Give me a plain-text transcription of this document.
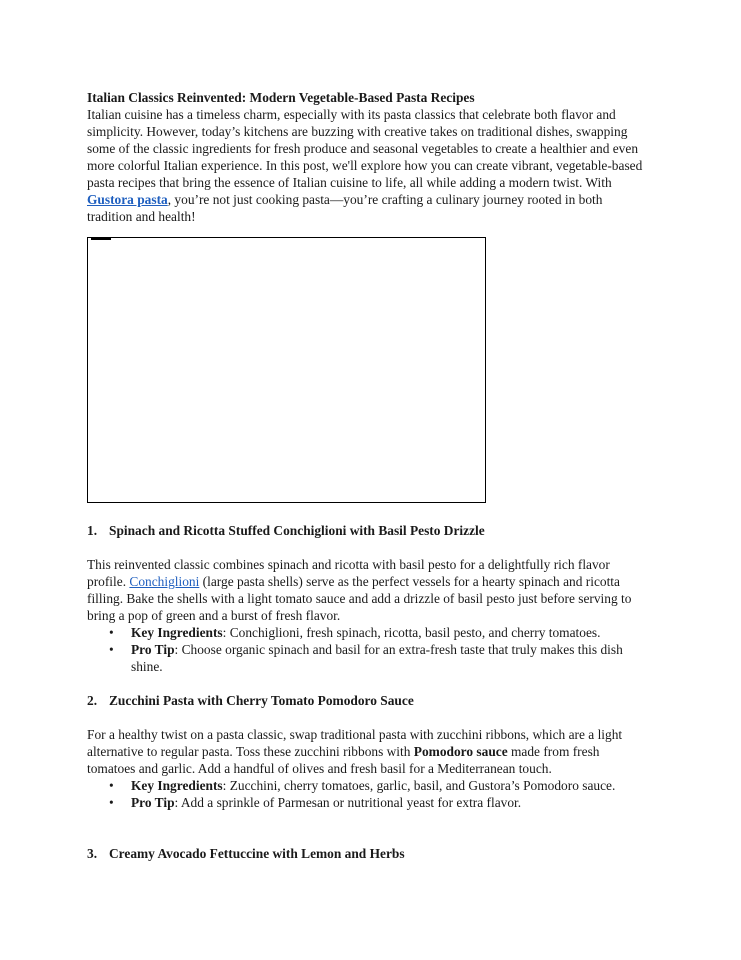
Italian Classics Reinvented: Modern Vegetable-Based Pasta Recipes

Italian cuisine has a timeless charm, especially with its pasta classics that celebrate both flavor and simplicity. However, today’s kitchens are buzzing with creative takes on traditional dishes, swapping some of the classic ingredients for fresh produce and seasonal vegetables to create a healthier and even more colorful Italian experience. In this post, we'll explore how you can create vibrant, vegetable-based pasta recipes that bring the essence of Italian cuisine to life, all while adding a modern twist. With Gustora pasta, you’re not just cooking pasta—you’re crafting a culinary journey rooted in both tradition and health!

1. Spinach and Ricotta Stuffed Conchiglioni with Basil Pesto Drizzle

This reinvented classic combines spinach and ricotta with basil pesto for a delightfully rich flavor profile. Conchiglioni (large pasta shells) serve as the perfect vessels for a hearty spinach and ricotta filling. Bake the shells with a light tomato sauce and add a drizzle of basil pesto just before serving to bring a pop of green and a burst of fresh flavor.

• Key Ingredients: Conchiglioni, fresh spinach, ricotta, basil pesto, and cherry tomatoes.
• Pro Tip: Choose organic spinach and basil for an extra-fresh taste that truly makes this dish shine.
2. Zucchini Pasta with Cherry Tomato Pomodoro Sauce

For a healthy twist on a pasta classic, swap traditional pasta with zucchini ribbons, which are a light alternative to regular pasta. Toss these zucchini ribbons with Pomodoro sauce made from fresh tomatoes and garlic. Add a handful of olives and fresh basil for a Mediterranean touch.

• Key Ingredients: Zucchini, cherry tomatoes, garlic, basil, and Gustora’s Pomodoro sauce.
• Pro Tip: Add a sprinkle of Parmesan or nutritional yeast for extra flavor.
3. Creamy Avocado Fettuccine with Lemon and Herbs
